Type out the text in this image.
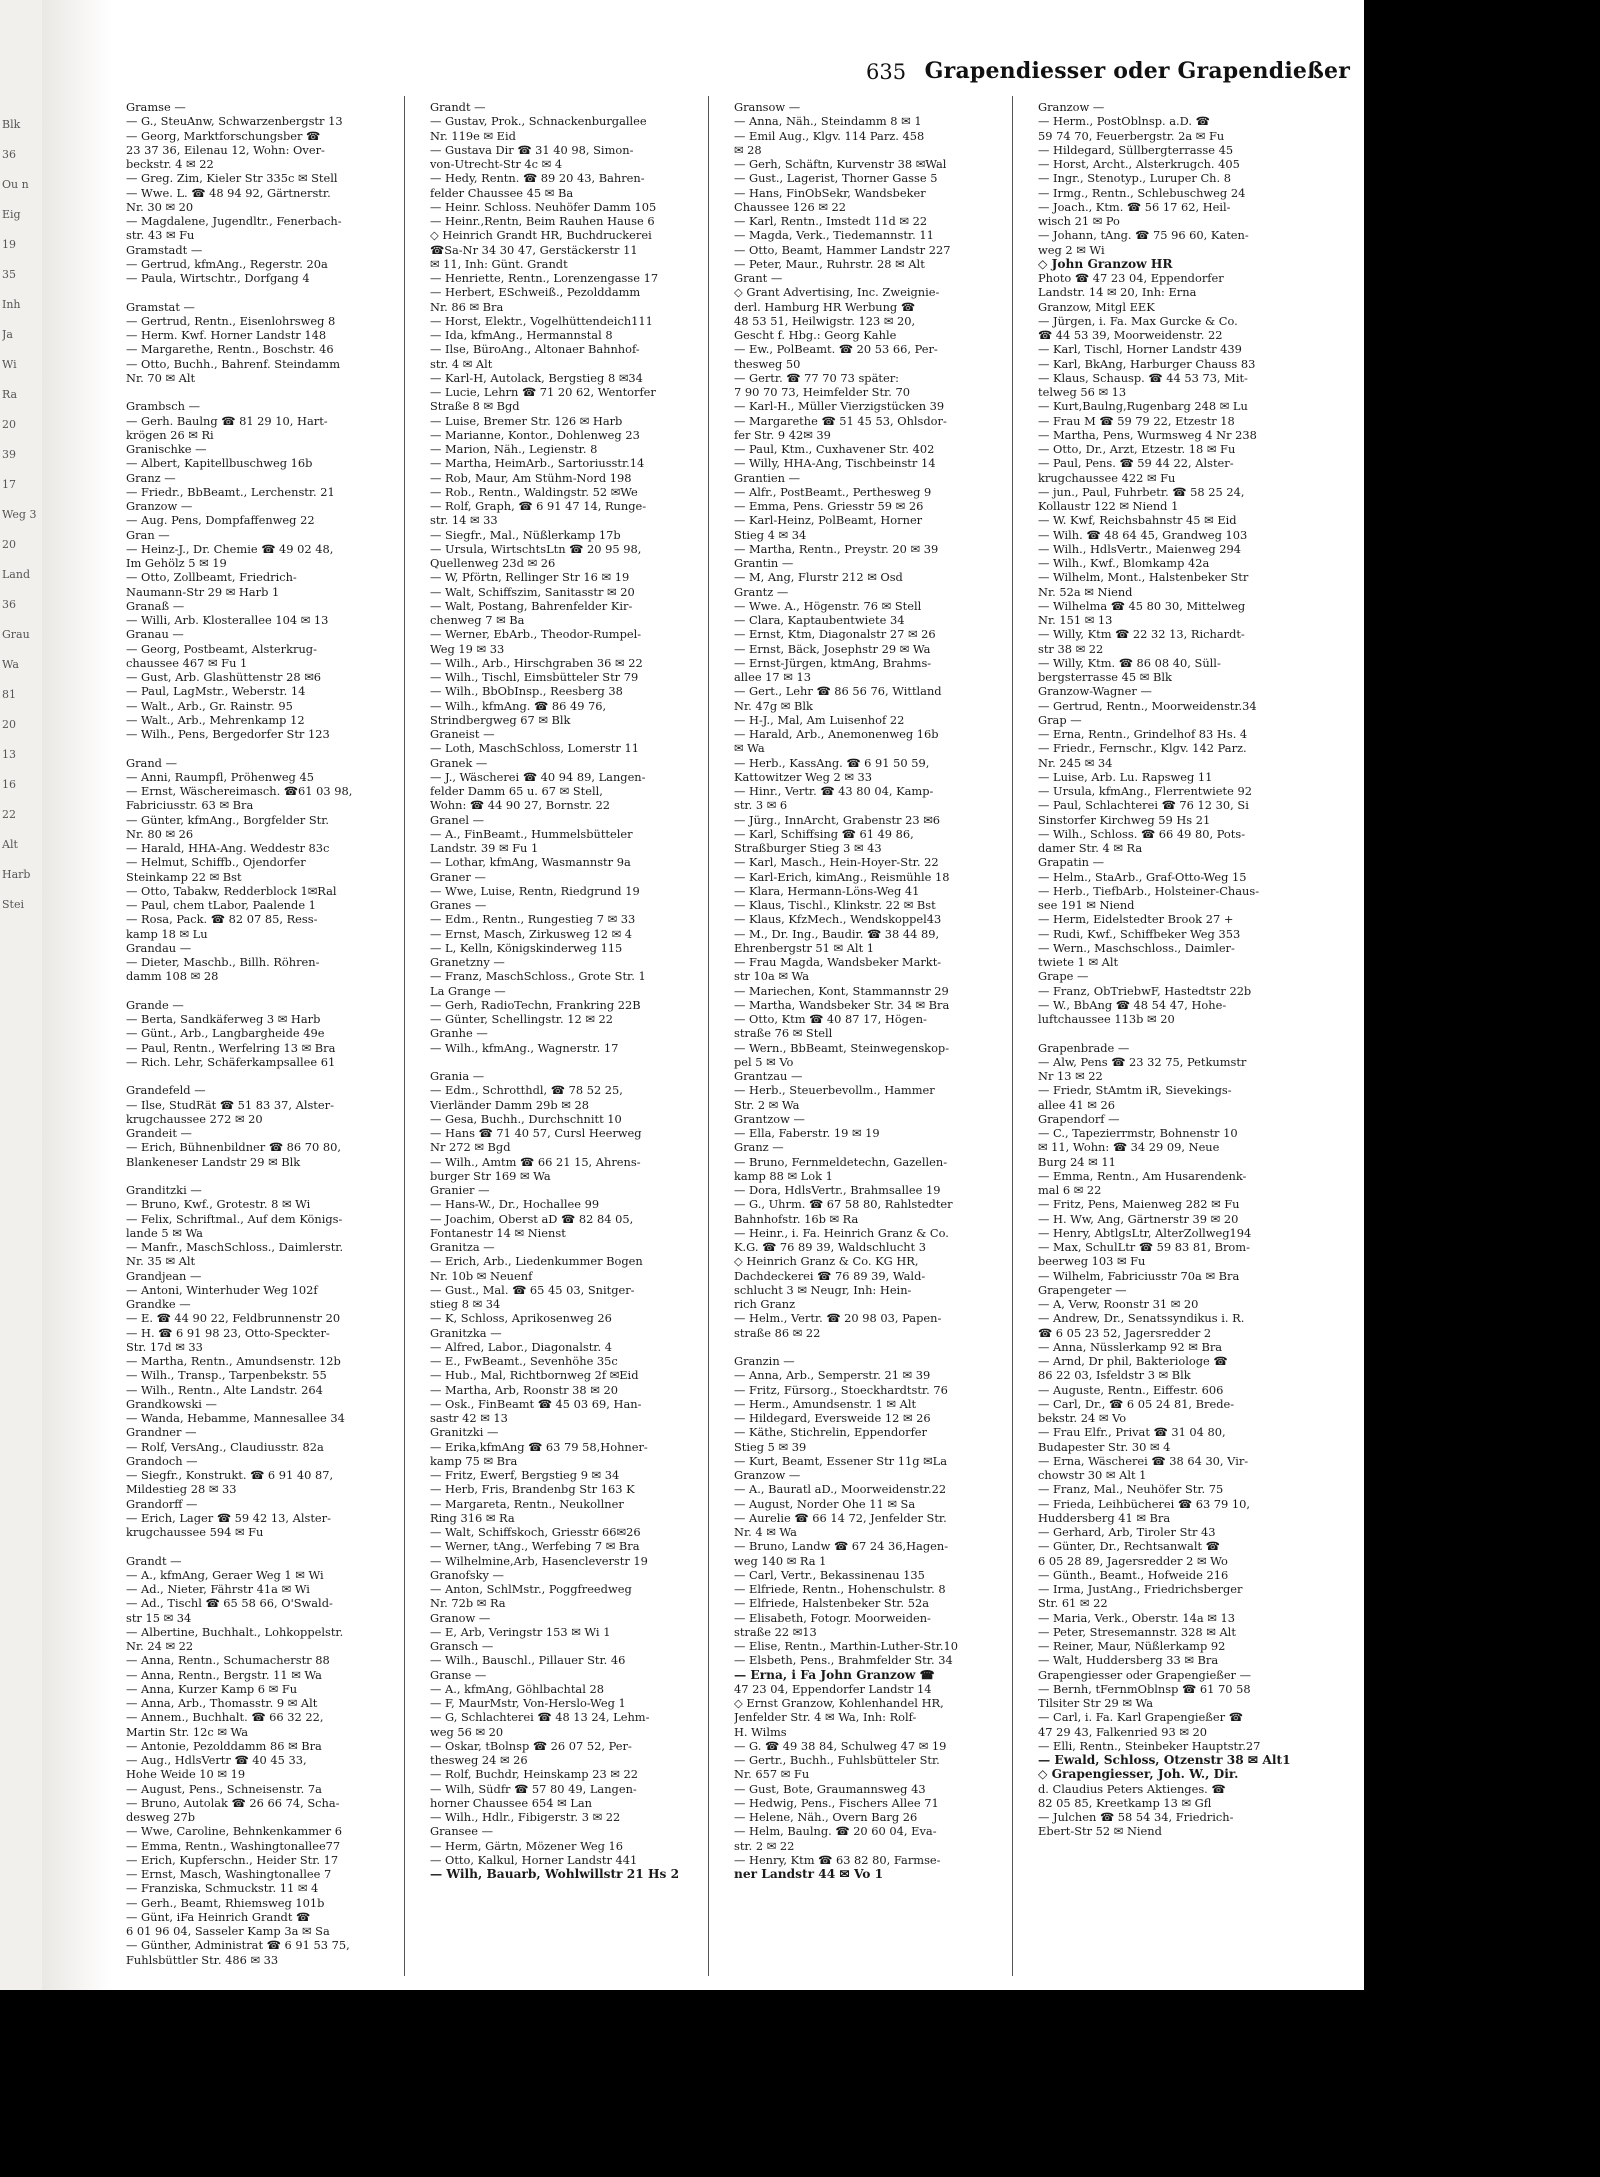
Blk
36
Ou n
Eig
19
35
Inh
Ja
Wi
Ra
20
39
17
Weg 3
20
Land
36
Grau
Wa
81
20
13
16
22
Alt
Harb
Stei
635 Grapendiesser oder Grapendießer
Gramse —
— G., SteuAnw, Schwarzenbergstr 13
— Georg, Marktforschungsber ☎
23 37 36, Eilenau 12, Wohn: Over-
beckstr. 4 ✉ 22
— Greg. Zim, Kieler Str 335c ✉ Stell
— Wwe. L. ☎ 48 94 92, Gärtnerstr.
Nr. 30 ✉ 20
— Magdalene, Jugendltr., Fenerbach-
str. 43 ✉ Fu
Gramstadt —
— Gertrud, kfmAng., Regerstr. 20a
— Paula, Wirtschtr., Dorfgang 4

Gramstat —
— Gertrud, Rentn., Eisenlohrsweg 8
— Herm. Kwf. Horner Landstr 148
— Margarethe, Rentn., Boschstr. 46
— Otto, Buchh., Bahrenf. Steindamm
Nr. 70 ✉ Alt

Grambsch —
— Gerh. Baulng ☎ 81 29 10, Hart-
krögen 26 ✉ Ri
Granischke —
— Albert, Kapitellbuschweg 16b
Granz —
— Friedr., BbBeamt., Lerchenstr. 21
Granzow —
— Aug. Pens, Dompfaffenweg 22
Gran —
— Heinz-J., Dr. Chemie ☎ 49 02 48,
Im Gehölz 5 ✉ 19
— Otto, Zollbeamt, Friedrich-
Naumann-Str 29 ✉ Harb 1
Granaß —
— Willi, Arb. Klosterallee 104 ✉ 13
Granau —
— Georg, Postbeamt, Alsterkrug-
chaussee 467 ✉ Fu 1
— Gust, Arb. Glashüttenstr 28 ✉6
— Paul, LagMstr., Weberstr. 14
— Walt., Arb., Gr. Rainstr. 95
— Walt., Arb., Mehrenkamp 12
— Wilh., Pens, Bergedorfer Str 123

Grand —
— Anni, Raumpfl, Pröhenweg 45
— Ernst, Wäschereimasch. ☎61 03 98,
Fabriciusstr. 63 ✉ Bra
— Günter, kfmAng., Borgfelder Str.
Nr. 80 ✉ 26
— Harald, HHA-Ang. Weddestr 83c
— Helmut, Schiffb., Ojendorfer
Steinkamp 22 ✉ Bst
— Otto, Tabakw, Redderblock 1✉Ral
— Paul, chem tLabor, Paalende 1
— Rosa, Pack. ☎ 82 07 85, Ress-
kamp 18 ✉ Lu
Grandau —
— Dieter, Maschb., Billh. Röhren-
damm 108 ✉ 28

Grande —
— Berta, Sandkäferweg 3 ✉ Harb
— Günt., Arb., Langbargheide 49e
— Paul, Rentn., Werfelring 13 ✉ Bra
— Rich. Lehr, Schäferkampsallee 61

Grandefeld —
— Ilse, StudRät ☎ 51 83 37, Alster-
krugchaussee 272 ✉ 20
Grandeit —
— Erich, Bühnenbildner ☎ 86 70 80,
Blankeneser Landstr 29 ✉ Blk

Granditzki —
— Bruno, Kwf., Grotestr. 8 ✉ Wi
— Felix, Schriftmal., Auf dem Königs-
lande 5 ✉ Wa
— Manfr., MaschSchloss., Daimlerstr.
Nr. 35 ✉ Alt
Grandjean —
— Antoni, Winterhuder Weg 102f
Grandke —
— E. ☎ 44 90 22, Feldbrunnenstr 20
— H. ☎ 6 91 98 23, Otto-Speckter-
Str. 17d ✉ 33
— Martha, Rentn., Amundsenstr. 12b
— Wilh., Transp., Tarpenbekstr. 55
— Wilh., Rentn., Alte Landstr. 264
Grandkowski —
— Wanda, Hebamme, Mannesallee 34
Grandner —
— Rolf, VersAng., Claudiusstr. 82a
Grandoch —
— Siegfr., Konstrukt. ☎ 6 91 40 87,
Mildestieg 28 ✉ 33
Grandorff —
— Erich, Lager ☎ 59 42 13, Alster-
krugchaussee 594 ✉ Fu

Grandt —
— A., kfmAng, Geraer Weg 1 ✉ Wi
— Ad., Nieter, Fährstr 41a ✉ Wi
— Ad., Tischl ☎ 65 58 66, O'Swald-
str 15 ✉ 34
— Albertine, Buchhalt., Lohkoppelstr.
Nr. 24 ✉ 22
— Anna, Rentn., Schumacherstr 88
— Anna, Rentn., Bergstr. 11 ✉ Wa
— Anna, Kurzer Kamp 6 ✉ Fu
— Anna, Arb., Thomasstr. 9 ✉ Alt
— Annem., Buchhalt. ☎ 66 32 22,
Martin Str. 12c ✉ Wa
— Antonie, Pezolddamm 86 ✉ Bra
— Aug., HdlsVertr ☎ 40 45 33,
Hohe Weide 10 ✉ 19
— August, Pens., Schneisenstr. 7a
— Bruno, Autolak ☎ 26 66 74, Scha-
desweg 27b
— Wwe, Caroline, Behnkenkammer 6
— Emma, Rentn., Washingtonallee77
— Erich, Kupferschn., Heider Str. 17
— Ernst, Masch, Washingtonallee 7
— Franziska, Schmuckstr. 11 ✉ 4
— Gerh., Beamt, Rhiemsweg 101b
— Günt, iFa Heinrich Grandt ☎
6 01 96 04, Sasseler Kamp 3a ✉ Sa
— Günther, Administrat ☎ 6 91 53 75,
Fuhlsbüttler Str. 486 ✉ 33
Grandt —
— Gustav, Prok., Schnackenburgallee
Nr. 119e ✉ Eid
— Gustava Dir ☎ 31 40 98, Simon-
von-Utrecht-Str 4c ✉ 4
— Hedy, Rentn. ☎ 89 20 43, Bahren-
felder Chaussee 45 ✉ Ba
— Heinr. Schloss. Neuhöfer Damm 105
— Heinr.,Rentn, Beim Rauhen Hause 6
◇ Heinrich Grandt HR, Buchdruckerei
☎Sa-Nr 34 30 47, Gerstäckerstr 11
✉ 11, Inh: Günt. Grandt
— Henriette, Rentn., Lorenzengasse 17
— Herbert, ESchweiß., Pezolddamm
Nr. 86 ✉ Bra
— Horst, Elektr., Vogelhüttendeich111
— Ida, kfmAng., Hermannstal 8
— Ilse, BüroAng., Altonaer Bahnhof-
str. 4 ✉ Alt
— Karl-H, Autolack, Bergstieg 8 ✉34
— Lucie, Lehrn ☎ 71 20 62, Wentorfer
Straße 8 ✉ Bgd
— Luise, Bremer Str. 126 ✉ Harb
— Marianne, Kontor., Dohlenweg 23
— Marion, Näh., Legienstr. 8
— Martha, HeimArb., Sartoriusstr.14
— Rob, Maur, Am Stühm-Nord 198
— Rob., Rentn., Waldingstr. 52 ✉We
— Rolf, Graph, ☎ 6 91 47 14, Runge-
str. 14 ✉ 33
— Siegfr., Mal., Nüßlerkamp 17b
— Ursula, WirtschtsLtn ☎ 20 95 98,
Quellenweg 23d ✉ 26
— W, Pförtn, Rellinger Str 16 ✉ 19
— Walt, Schiffszim, Sanitasstr ✉ 20
— Walt, Postang, Bahrenfelder Kir-
chenweg 7 ✉ Ba
— Werner, EbArb., Theodor-Rumpel-
Weg 19 ✉ 33
— Wilh., Arb., Hirschgraben 36 ✉ 22
— Wilh., Tischl, Eimsbütteler Str 79
— Wilh., BbObInsp., Reesberg 38
— Wilh., kfmAng. ☎ 86 49 76,
Strindbergweg 67 ✉ Blk
Graneist —
— Loth, MaschSchloss, Lomerstr 11
Granek —
— J., Wäscherei ☎ 40 94 89, Langen-
felder Damm 65 u. 67 ✉ Stell,
Wohn: ☎ 44 90 27, Bornstr. 22
Granel —
— A., FinBeamt., Hummelsbütteler
Landstr. 39 ✉ Fu 1
— Lothar, kfmAng, Wasmannstr 9a
Graner —
— Wwe, Luise, Rentn, Riedgrund 19
Granes —
— Edm., Rentn., Rungestieg 7 ✉ 33
— Ernst, Masch, Zirkusweg 12 ✉ 4
— L, Kelln, Königskinderweg 115
Granetzny —
— Franz, MaschSchloss., Grote Str. 1
La Grange —
— Gerh, RadioTechn, Frankring 22B
— Günter, Schellingstr. 12 ✉ 22
Granhe —
— Wilh., kfmAng., Wagnerstr. 17

Grania —
— Edm., Schrotthdl, ☎ 78 52 25,
Vierländer Damm 29b ✉ 28
— Gesa, Buchh., Durchschnitt 10
— Hans ☎ 71 40 57, Cursl Heerweg
Nr 272 ✉ Bgd
— Wilh., Amtm ☎ 66 21 15, Ahrens-
burger Str 169 ✉ Wa
Granier —
— Hans-W., Dr., Hochallee 99
— Joachim, Oberst aD ☎ 82 84 05,
Fontanestr 14 ✉ Nienst
Granitza —
— Erich, Arb., Liedenkummer Bogen
Nr. 10b ✉ Neuenf
— Gust., Mal. ☎ 65 45 03, Snitger-
stieg 8 ✉ 34
— K, Schloss, Aprikosenweg 26
Granitzka —
— Alfred, Labor., Diagonalstr. 4
— E., FwBeamt., Sevenhöhe 35c
— Hub., Mal, Richtbornweg 2f ✉Eid
— Martha, Arb, Roonstr 38 ✉ 20
— Osk., FinBeamt ☎ 45 03 69, Han-
sastr 42 ✉ 13
Granitzki —
— Erika,kfmAng ☎ 63 79 58,Hohner-
kamp 75 ✉ Bra
— Fritz, Ewerf, Bergstieg 9 ✉ 34
— Herb, Fris, Brandenbg Str 163 K
— Margareta, Rentn., Neukollner
Ring 316 ✉ Ra
— Walt, Schiffskoch, Griesstr 66✉26
— Werner, tAng., Werfebing 7 ✉ Bra
— Wilhelmine,Arb, Hasencleverstr 19
Granofsky —
— Anton, SchlMstr., Poggfreedweg
Nr. 72b ✉ Ra
Granow —
— E, Arb, Veringstr 153 ✉ Wi 1
Gransch —
— Wilh., Bauschl., Pillauer Str. 46
Granse —
— A., kfmAng, Göhlbachtal 28
— F, MaurMstr, Von-Herslo-Weg 1
— G, Schlachterei ☎ 48 13 24, Lehm-
weg 56 ✉ 20
— Oskar, tBolnsp ☎ 26 07 52, Per-
thesweg 24 ✉ 26
— Rolf, Buchdr, Heinskamp 23 ✉ 22
— Wilh, Südfr ☎ 57 80 49, Langen-
horner Chaussee 654 ✉ Lan
— Wilh., Hdlr., Fibigerstr. 3 ✉ 22
Gransee —
— Herm, Gärtn, Mözener Weg 16
— Otto, Kalkul, Horner Landstr 441
— Wilh, Bauarb, Wohlwillstr 21 Hs 2
Gransow —
— Anna, Näh., Steindamm 8 ✉ 1
— Emil Aug., Klgv. 114 Parz. 458
✉ 28
— Gerh, Schäftn, Kurvenstr 38 ✉Wal
— Gust., Lagerist, Thorner Gasse 5
— Hans, FinObSekr, Wandsbeker
Chaussee 126 ✉ 22
— Karl, Rentn., Imstedt 11d ✉ 22
— Magda, Verk., Tiedemannstr. 11
— Otto, Beamt, Hammer Landstr 227
— Peter, Maur., Ruhrstr. 28 ✉ Alt
Grant —
◇ Grant Advertising, Inc. Zweignie-
derl. Hamburg HR Werbung ☎
48 53 51, Heilwigstr. 123 ✉ 20,
Gescht f. Hbg.: Georg Kahle
— Ew., PolBeamt. ☎ 20 53 66, Per-
thesweg 50
— Gertr. ☎ 77 70 73 später:
7 90 70 73, Heimfelder Str. 70
— Karl-H., Müller Vierzigstücken 39
— Margarethe ☎ 51 45 53, Ohlsdor-
fer Str. 9 42✉ 39
— Paul, Ktm., Cuxhavener Str. 402
— Willy, HHA-Ang, Tischbeinstr 14
Grantien —
— Alfr., PostBeamt., Perthesweg 9
— Emma, Pens. Griesstr 59 ✉ 26
— Karl-Heinz, PolBeamt, Horner
Stieg 4 ✉ 34
— Martha, Rentn., Preystr. 20 ✉ 39
Grantin —
— M, Ang, Flurstr 212 ✉ Osd
Grantz —
— Wwe. A., Högenstr. 76 ✉ Stell
— Clara, Kaptaubentwiete 34
— Ernst, Ktm, Diagonalstr 27 ✉ 26
— Ernst, Bäck, Josephstr 29 ✉ Wa
— Ernst-Jürgen, ktmAng, Brahms-
allee 17 ✉ 13
— Gert., Lehr ☎ 86 56 76, Wittland
Nr. 47g ✉ Blk
— H-J., Mal, Am Luisenhof 22
— Harald, Arb., Anemonenweg 16b
✉ Wa
— Herb., KassAng. ☎ 6 91 50 59,
Kattowitzer Weg 2 ✉ 33
— Hinr., Vertr. ☎ 43 80 04, Kamp-
str. 3 ✉ 6
— Jürg., InnArcht, Grabenstr 23 ✉6
— Karl, Schiffsing ☎ 61 49 86,
Straßburger Stieg 3 ✉ 43
— Karl, Masch., Hein-Hoyer-Str. 22
— Karl-Erich, kimAng., Reismühle 18
— Klara, Hermann-Löns-Weg 41
— Klaus, Tischl., Klinkstr. 22 ✉ Bst
— Klaus, KfzMech., Wendskoppel43
— M., Dr. Ing., Baudir. ☎ 38 44 89,
Ehrenbergstr 51 ✉ Alt 1
— Frau Magda, Wandsbeker Markt-
str 10a ✉ Wa
— Mariechen, Kont, Stammannstr 29
— Martha, Wandsbeker Str. 34 ✉ Bra
— Otto, Ktm ☎ 40 87 17, Högen-
straße 76 ✉ Stell
— Wern., BbBeamt, Steinwegenskop-
pel 5 ✉ Vo
Grantzau —
— Herb., Steuerbevollm., Hammer
Str. 2 ✉ Wa
Grantzow —
— Ella, Faberstr. 19 ✉ 19
Granz —
— Bruno, Fernmeldetechn, Gazellen-
kamp 88 ✉ Lok 1
— Dora, HdlsVertr., Brahmsallee 19
— G., Uhrm. ☎ 67 58 80, Rahlstedter
Bahnhofstr. 16b ✉ Ra
— Heinr., i. Fa. Heinrich Granz & Co.
K.G. ☎ 76 89 39, Waldschlucht 3
◇ Heinrich Granz & Co. KG HR,
Dachdeckerei ☎ 76 89 39, Wald-
schlucht 3 ✉ Neugr, Inh: Hein-
rich Granz
— Helm., Vertr. ☎ 20 98 03, Papen-
straße 86 ✉ 22

Granzin —
— Anna, Arb., Semperstr. 21 ✉ 39
— Fritz, Fürsorg., Stoeckhardtstr. 76
— Herm., Amundsenstr. 1 ✉ Alt
— Hildegard, Eversweide 12 ✉ 26
— Käthe, Stichrelin, Eppendorfer
Stieg 5 ✉ 39
— Kurt, Beamt, Essener Str 11g ✉La
Granzow —
— A., Bauratl aD., Moorweidenstr.22
— August, Norder Ohe 11 ✉ Sa
— Aurelie ☎ 66 14 72, Jenfelder Str.
Nr. 4 ✉ Wa
— Bruno, Landw ☎ 67 24 36,Hagen-
weg 140 ✉ Ra 1
— Carl, Vertr., Bekassinenau 135
— Elfriede, Rentn., Hohenschulstr. 8
— Elfriede, Halstenbeker Str. 52a
— Elisabeth, Fotogr. Moorweiden-
straße 22 ✉13
— Elise, Rentn., Marthin-Luther-Str.10
— Elsbeth, Pens., Brahmfelder Str. 34
— Erna, i Fa John Granzow ☎
47 23 04, Eppendorfer Landstr 14
◇ Ernst Granzow, Kohlenhandel HR,
Jenfelder Str. 4 ✉ Wa, Inh: Rolf-
H. Wilms
— G. ☎ 49 38 84, Schulweg 47 ✉ 19
— Gertr., Buchh., Fuhlsbütteler Str.
Nr. 657 ✉ Fu
— Gust, Bote, Graumannsweg 43
— Hedwig, Pens., Fischers Allee 71
— Helene, Näh., Overn Barg 26
— Helm, Baulng. ☎ 20 60 04, Eva-
str. 2 ✉ 22
— Henry, Ktm ☎ 63 82 80, Farmse-
ner Landstr 44 ✉ Vo 1
Granzow —
— Herm., PostOblnsp. a.D. ☎
59 74 70, Feuerbergstr. 2a ✉ Fu
— Hildegard, Süllbergterrasse 45
— Horst, Archt., Alsterkrugch. 405
— Ingr., Stenotyp., Luruper Ch. 8
— Irmg., Rentn., Schlebuschweg 24
— Joach., Ktm. ☎ 56 17 62, Heil-
wisch 21 ✉ Po
— Johann, tAng. ☎ 75 96 60, Katen-
weg 2 ✉ Wi
◇ John Granzow HR
Photo ☎ 47 23 04, Eppendorfer
Landstr. 14 ✉ 20, Inh: Erna
Granzow, Mitgl EEK
— Jürgen, i. Fa. Max Gurcke & Co.
☎ 44 53 39, Moorweidenstr. 22
— Karl, Tischl, Horner Landstr 439
— Karl, BkAng, Harburger Chauss 83
— Klaus, Schausp. ☎ 44 53 73, Mit-
telweg 56 ✉ 13
— Kurt,Baulng,Rugenbarg 248 ✉ Lu
— Frau M ☎ 59 79 22, Etzestr 18
— Martha, Pens, Wurmsweg 4 Nr 238
— Otto, Dr., Arzt, Etzestr. 18 ✉ Fu
— Paul, Pens. ☎ 59 44 22, Alster-
krugchaussee 422 ✉ Fu
— jun., Paul, Fuhrbetr. ☎ 58 25 24,
Kollaustr 122 ✉ Niend 1
— W. Kwf, Reichsbahnstr 45 ✉ Eid
— Wilh. ☎ 48 64 45, Grandweg 103
— Wilh., HdlsVertr., Maienweg 294
— Wilh., Kwf., Blomkamp 42a
— Wilhelm, Mont., Halstenbeker Str
Nr. 52a ✉ Niend
— Wilhelma ☎ 45 80 30, Mittelweg
Nr. 151 ✉ 13
— Willy, Ktm ☎ 22 32 13, Richardt-
str 38 ✉ 22
— Willy, Ktm. ☎ 86 08 40, Süll-
bergsterrasse 45 ✉ Blk
Granzow-Wagner —
— Gertrud, Rentn., Moorweidenstr.34
Grap —
— Erna, Rentn., Grindelhof 83 Hs. 4
— Friedr., Fernschr., Klgv. 142 Parz.
Nr. 245 ✉ 34
— Luise, Arb. Lu. Rapsweg 11
— Ursula, kfmAng., Flerrentwiete 92
— Paul, Schlachterei ☎ 76 12 30, Si
Sinstorfer Kirchweg 59 Hs 21
— Wilh., Schloss. ☎ 66 49 80, Pots-
damer Str. 4 ✉ Ra
Grapatin —
— Helm., StaArb., Graf-Otto-Weg 15
— Herb., TiefbArb., Holsteiner-Chaus-
see 191 ✉ Niend
— Herm, Eidelstedter Brook 27 +
— Rudi, Kwf., Schiffbeker Weg 353
— Wern., Maschschloss., Daimler-
twiete 1 ✉ Alt
Grape —
— Franz, ObTriebwF, Hastedtstr 22b
— W., BbAng ☎ 48 54 47, Hohe-
luftchaussee 113b ✉ 20

Grapenbrade —
— Alw, Pens ☎ 23 32 75, Petkumstr
Nr 13 ✉ 22
— Friedr, StAmtm iR, Sievekings-
allee 41 ✉ 26
Grapendorf —
— C., Tapezierrmstr, Bohnenstr 10
✉ 11, Wohn: ☎ 34 29 09, Neue
Burg 24 ✉ 11
— Emma, Rentn., Am Husarendenk-
mal 6 ✉ 22
— Fritz, Pens, Maienweg 282 ✉ Fu
— H. Ww, Ang, Gärtnerstr 39 ✉ 20
— Henry, AbtlgsLtr, AlterZollweg194
— Max, SchulLtr ☎ 59 83 81, Brom-
beerweg 103 ✉ Fu
— Wilhelm, Fabriciusstr 70a ✉ Bra
Grapengeter —
— A, Verw, Roonstr 31 ✉ 20
— Andrew, Dr., Senatssyndikus i. R.
☎ 6 05 23 52, Jagersredder 2
— Anna, Nüsslerkamp 92 ✉ Bra
— Arnd, Dr phil, Bakteriologe ☎
86 22 03, Isfeldstr 3 ✉ Blk
— Auguste, Rentn., Eiffestr. 606
— Carl, Dr., ☎ 6 05 24 81, Brede-
bekstr. 24 ✉ Vo
— Frau Elfr., Privat ☎ 31 04 80,
Budapester Str. 30 ✉ 4
— Erna, Wäscherei ☎ 38 64 30, Vir-
chowstr 30 ✉ Alt 1
— Franz, Mal., Neuhöfer Str. 75
— Frieda, Leihbücherei ☎ 63 79 10,
Huddersberg 41 ✉ Bra
— Gerhard, Arb, Tiroler Str 43
— Günter, Dr., Rechtsanwalt ☎
6 05 28 89, Jagersredder 2 ✉ Wo
— Günth., Beamt., Hofweide 216
— Irma, JustAng., Friedrichsberger
Str. 61 ✉ 22
— Maria, Verk., Oberstr. 14a ✉ 13
— Peter, Stresemannstr. 328 ✉ Alt
— Reiner, Maur, Nüßlerkamp 92
— Walt, Huddersberg 33 ✉ Bra
Grapengiesser oder Grapengießer —
— Bernh, tFernmOblnsp ☎ 61 70 58
Tilsiter Str 29 ✉ Wa
— Carl, i. Fa. Karl Grapengießer ☎
47 29 43, Falkenried 93 ✉ 20
— Elli, Rentn., Steinbeker Hauptstr.27
— Ewald, Schloss, Otzenstr 38 ✉ Alt1
◇ Grapengiesser, Joh. W., Dir.
d. Claudius Peters Aktienges. ☎
82 05 85, Kreetkamp 13 ✉ Gfl
— Julchen ☎ 58 54 34, Friedrich-
Ebert-Str 52 ✉ Niend
